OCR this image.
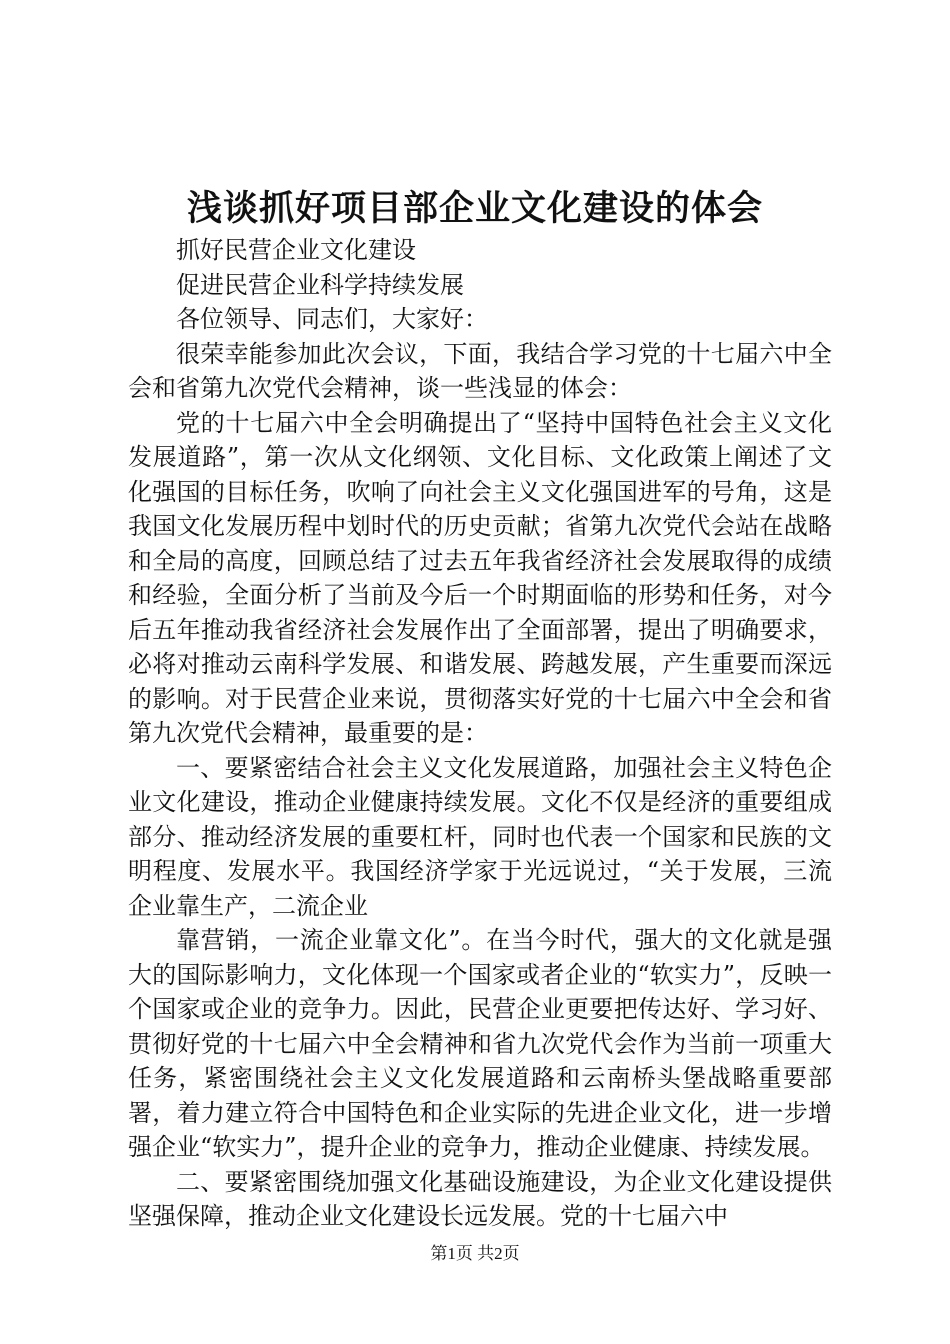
浅谈抓好项目部企业文化建设的体会

抓好民营企业文化建设

促进民营企业科学持续发展

各位领导、同志们，大家好：

很荣幸能参加此次会议，下面，我结合学习党的十七届六中全会和省第九次党代会精神，谈一些浅显的体会：

党的十七届六中全会明确提出了“坚持中国特色社会主义文化发展道路”，第一次从文化纲领、文化目标、文化政策上阐述了文化强国的目标任务，吹响了向社会主义文化强国进军的号角，这是我国文化发展历程中划时代的历史贡献；省第九次党代会站在战略和全局的高度，回顾总结了过去五年我省经济社会发展取得的成绩和经验，全面分析了当前及今后一个时期面临的形势和任务，对今后五年推动我省经济社会发展作出了全面部署，提出了明确要求，必将对推动云南科学发展、和谐发展、跨越发展，产生重要而深远的影响。对于民营企业来说，贯彻落实好党的十七届六中全会和省第九次党代会精神，最重要的是：

一、要紧密结合社会主义文化发展道路，加强社会主义特色企业文化建设，推动企业健康持续发展。文化不仅是经济的重要组成部分、推动经济发展的重要杠杆，同时也代表一个国家和民族的文明程度、发展水平。我国经济学家于光远说过，“关于发展，三流企业靠生产，二流企业

靠营销，一流企业靠文化”。在当今时代，强大的文化就是强大的国际影响力，文化体现一个国家或者企业的“软实力”，反映一个国家或企业的竞争力。因此，民营企业更要把传达好、学习好、贯彻好党的十七届六中全会精神和省九次党代会作为当前一项重大任务，紧密围绕社会主义文化发展道路和云南桥头堡战略重要部署，着力建立符合中国特色和企业实际的先进企业文化，进一步增强企业“软实力”，提升企业的竞争力，推动企业健康、持续发展。

二、要紧密围绕加强文化基础设施建设，为企业文化建设提供坚强保障，推动企业文化建设长远发展。党的十七届六中

第1页 共2页
